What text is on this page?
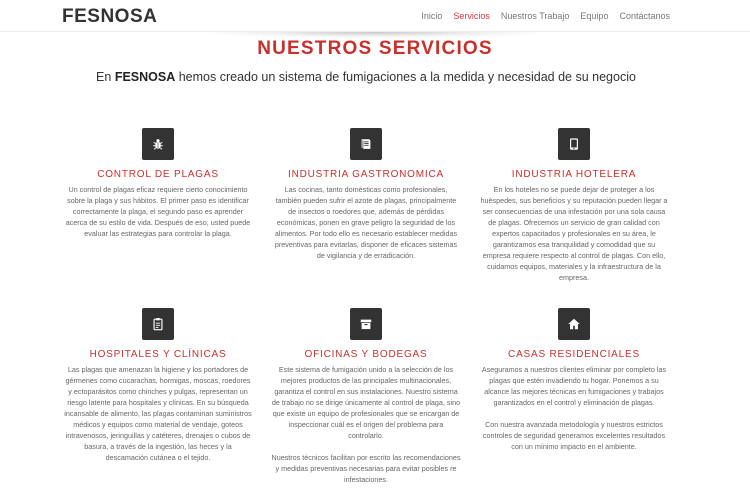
FESNOSA	Inicio Servicios Nuestros Trabajo Equipo Contáctanos
NUESTROS SERVICIOS
En FESNOSA hemos creado un sistema de fumigaciones a la medida y necesidad de su negocio
CONTROL DE PLAGAS

Un control de plagas eficaz requiere cierto conocimiento sobre la plaga y sus hábitos. El primer paso es identificar correctamente la plaga, el segundo paso es aprender acerca de su estilo de vida. Después de eso, usted puede evaluar las estrategias para controlar la plaga.

INDUSTRIA GASTRONOMICA

Las cocinas, tanto domésticas como profesionales, también pueden sufrir el azote de plagas, principalmente de insectos o roedores que, además de pérdidas económicas, ponen en grave peligro la seguridad de los alimentos. Por todo ello es necesario establecer medidas preventivas para evitarlas, disponer de eficaces sistemas de vigilancia y de erradicación.

INDUSTRIA HOTELERA

En los hoteles no se puede dejar de proteger a los huéspedes, sus beneficios y su reputación pueden llegar a ser consecuencias de una infestación por una sola causa de plagas. Ofrecemos un servicio de gran calidad con expertos capacitados y profesionales en su área, le garantizamos esa tranquilidad y comodidad que su empresa requiere respecto al control de plagas. Con ello, cuidamos equipos, materiales y la infraestructura de la empresa.

HOSPITALES Y CLÍNICAS

Las plagas que amenazan la higiene y los portadores de gérmenes como cucarachas, hormigas, moscas, roedores y ectoparásitos como chinches y pulgas, representan un riesgo latente para hospitales y clínicas. En su búsqueda incansable de alimento, las plagas contaminan suministros médicos y equipos como material de vendaje, goteos intravenosos, jeringuillas y catéteres, drenajes o cubos de basura, a través de la ingestión, las heces y la descamación cutánea o el tejido.

OFICINAS Y BODEGAS

Este sistema de fumigación unido a la selección de los mejores productos de las principales multinacionales, garantiza el control en sus instalaciones. Nuestro sistema de trabajo no se dirige únicamente al control de plaga, sino que existe un equipo de profesionales que se encargan de inspeccionar cuál es el origen del problema para controlarlo.

Nuestros técnicos facilitan por escrito las recomendaciones y medidas preventivas necesarias para evitar posibles re infestaciones.

CASAS RESIDENCIALES

Aseguramos a nuestros clientes eliminar por completo las plagas que estén invadiendo tu hogar. Ponemos a su alcance las mejores técnicas en fumigaciones y trabajos garantizados en el control y eliminación de plagas.

Con nuestra avanzada metodología y nuestros estrictos controles de seguridad generamos excelentes resultados con un mínimo impacto en el ambiente.
